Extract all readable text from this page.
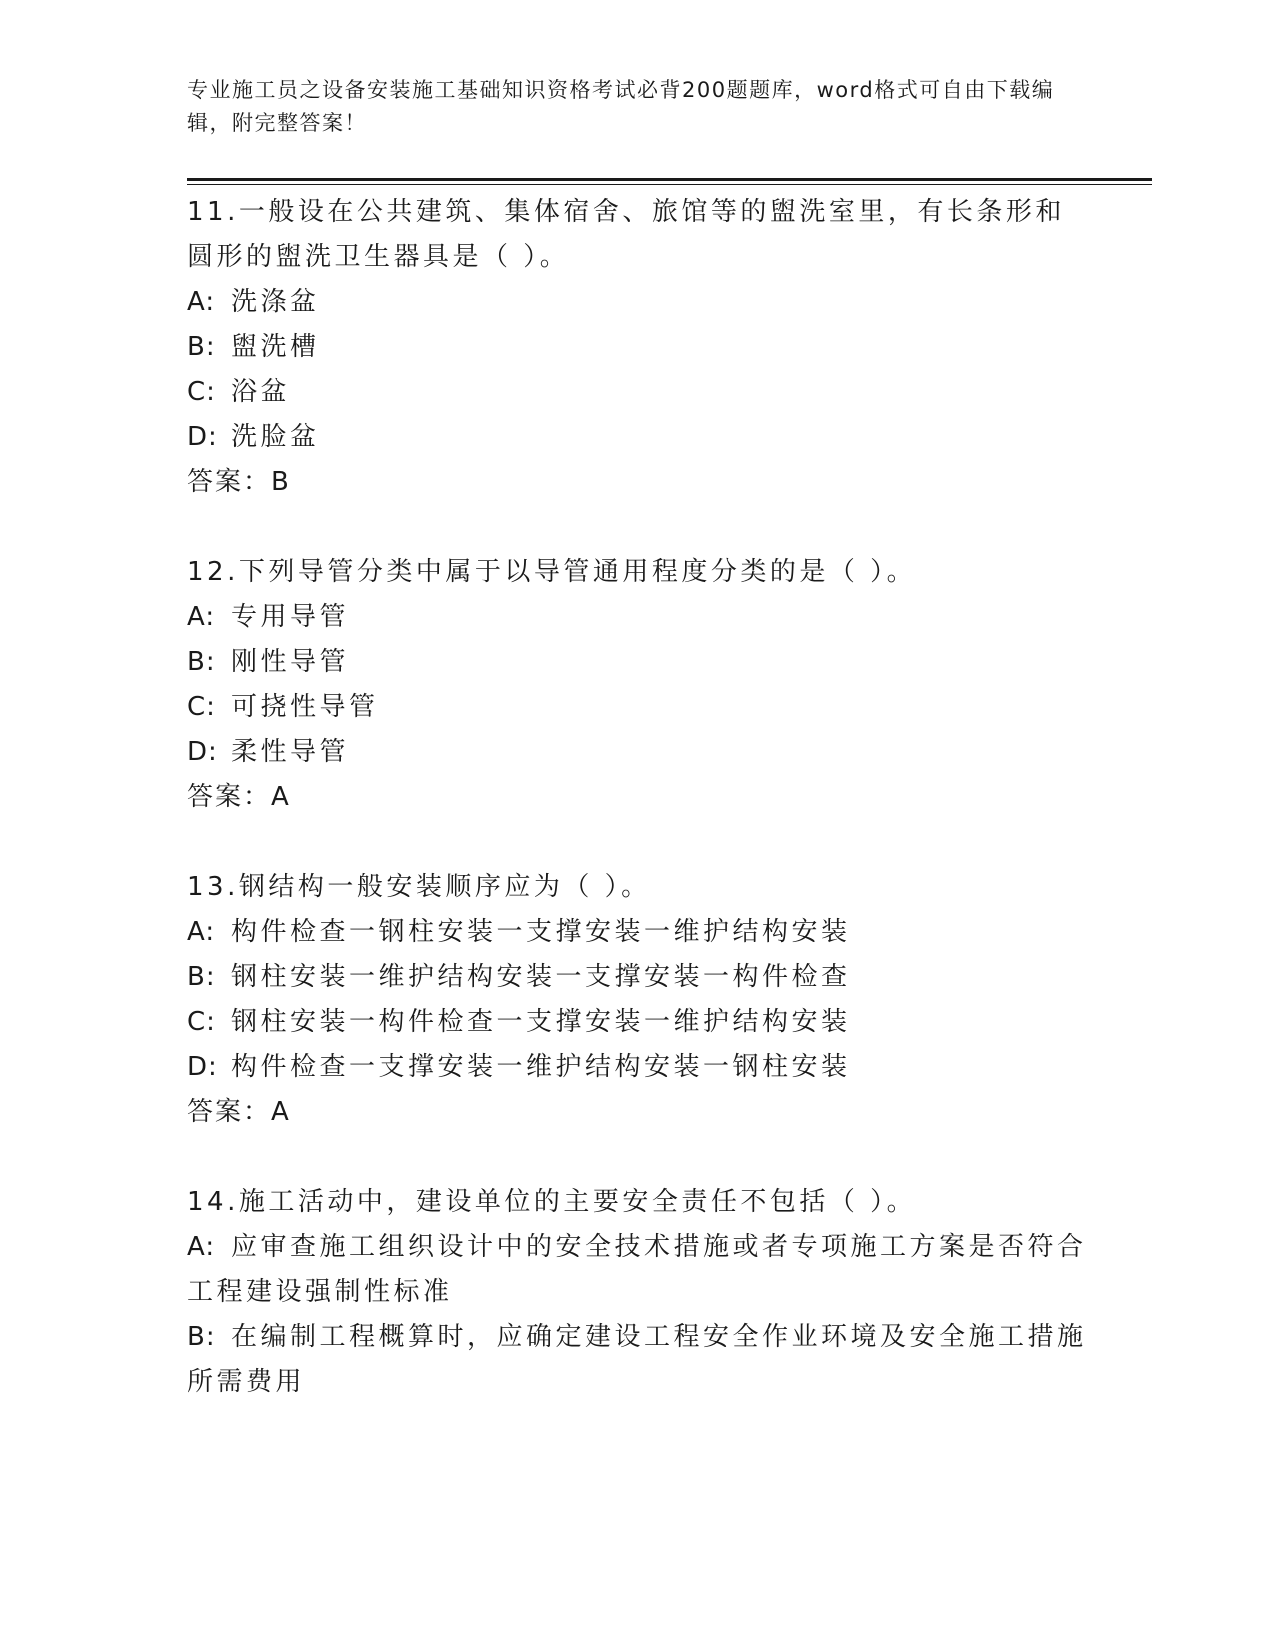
专业施工员之设备安装施工基础知识资格考试必背200题题库，word格式可自由下载编辑，附完整答案！
11.一般设在公共建筑、集体宿舍、旅馆等的盥洗室里，有长条形和圆形的盥洗卫生器具是（ ）。
A: 洗涤盆
B: 盥洗槽
C: 浴盆
D: 洗脸盆
答案：B
12.下列导管分类中属于以导管通用程度分类的是（ ）。
A: 专用导管
B: 刚性导管
C: 可挠性导管
D: 柔性导管
答案：A
13.钢结构一般安装顺序应为（ ）。
A: 构件检查一钢柱安装一支撑安装一维护结构安装
B: 钢柱安装一维护结构安装一支撑安装一构件检查
C: 钢柱安装一构件检查一支撑安装一维护结构安装
D: 构件检查一支撑安装一维护结构安装一钢柱安装
答案：A
14.施工活动中，建设单位的主要安全责任不包括（ ）。
A: 应审查施工组织设计中的安全技术措施或者专项施工方案是否符合工程建设强制性标准
B: 在编制工程概算时，应确定建设工程安全作业环境及安全施工措施所需费用
